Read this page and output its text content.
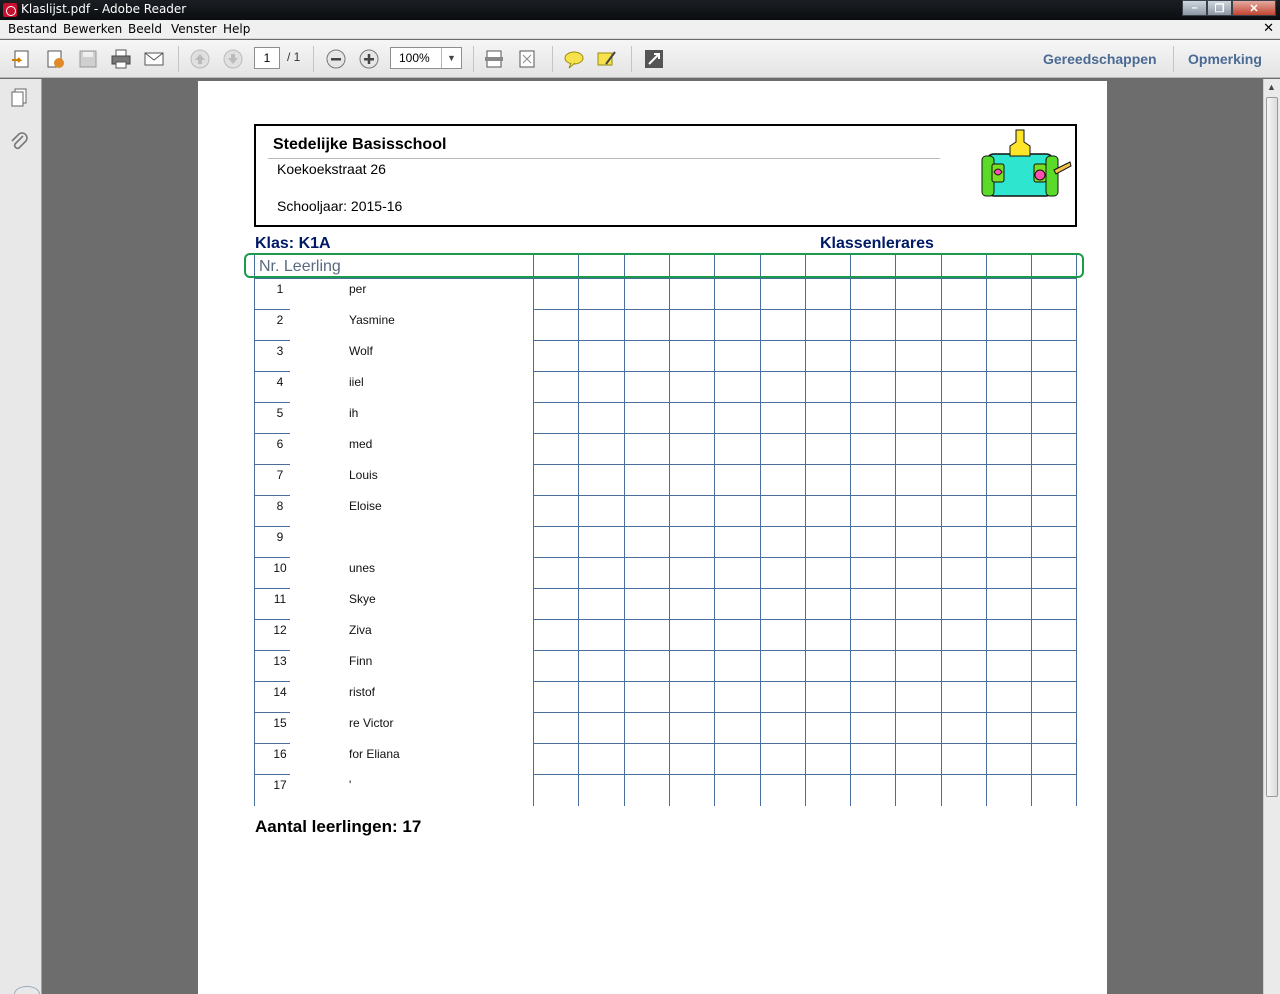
Klaslijst.pdf - Adobe Reader	–	❐	✕
Bestand Bewerken Beeld Venster Help	✕
1	/ 1	100%	▼	Gereedschappen Opmerking
▲
Stedelijke Basisschool
Koekoekstraat 26
Schooljaar: 2015-16
Klas: K1A	Klassenlerares
Nr. Leerling
1	per
2	Yasmine
3	Wolf
4	iiel
5	ih
6	med
7	Louis
8	Eloise
9
10	unes
11	Skye
12	Ziva
13	Finn
14	ristof
15	re Victor
16	for Eliana
17	'
Aantal leerlingen: 17
